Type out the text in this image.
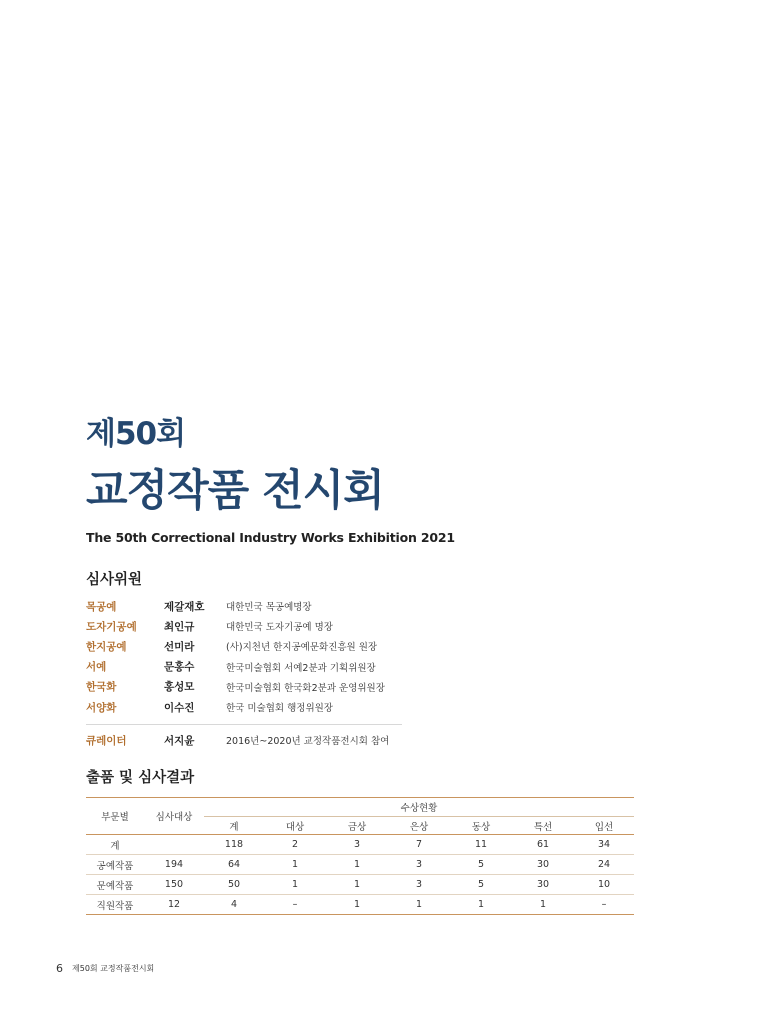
제50회
교정작품 전시회
The 50th Correctional Industry Works Exhibition 2021
심사위원
목공예	제갈재호	대한민국 목공예명장
도자기공예	최인규	대한민국 도자기공예 명장
한지공예	선미라	(사)지천년 한지공예문화진흥원 원장
서예	문홍수	한국미술협회 서예2분과 기획위원장
한국화	홍성모	한국미술협회 한국화2분과 운영위원장
서양화	이수진	한국 미술협회 행정위원장
큐레이터	서지윤	2016년~2020년 교정작품전시회 참여
출품 및 심사결과
부문별	심사대상	수상현황						
		계	대상	금상	은상	동상	특선	입선
계		118	2	3	7	11	61	34
공예작품	194	64	1	1	3	5	30	24
문예작품	150	50	1	1	3	5	30	10
직원작품	12	4	–	1	1	1	1	–
6 제50회 교정작품전시회
